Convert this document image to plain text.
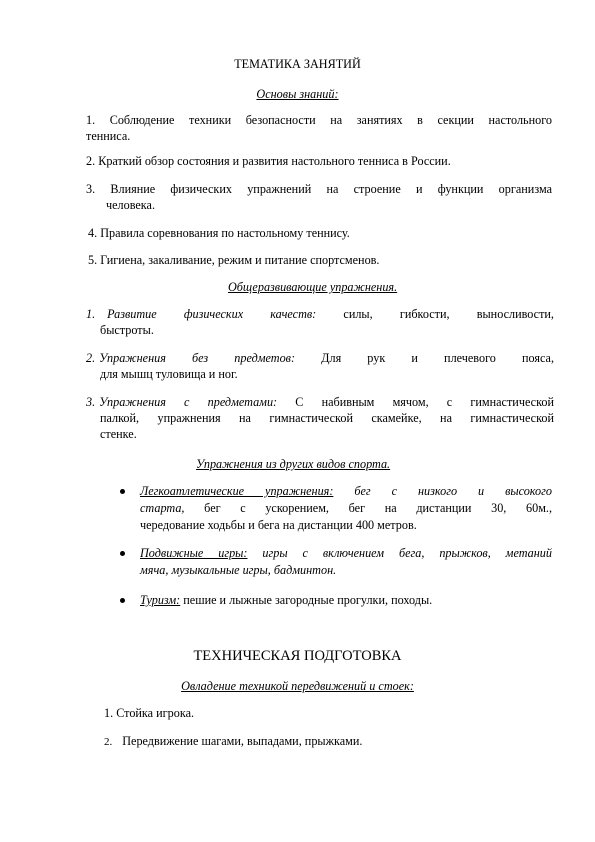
ТЕМАТИКА ЗАНЯТИЙ
Основы знаний:
1. Соблюдение техники безопасности на занятиях в секции настольного
тенниса.
2. Краткий обзор состояния и развития настольного тенниса в России.
3. Влияние физических упражнений на строение и функции организма
человека.
4. Правила соревнования по настольному теннису.
5. Гигиена, закаливание, режим и питание спортсменов.
Общеразвивающие упражнения.
1. Развитие физических качеств: силы, гибкости, выносливости,
быстроты.
2. Упражнения без предметов: Для рук и плечевого пояса,
для мышц туловища и ног.
3. Упражнения с предметами: С набивным мячом, с гимнастической
палкой, упражнения на гимнастической скамейке, на гимнастической
стенке.
Упражнения из других видов спорта.
Легкоатлетические упражнения: бег с низкого и высокого
старта, бег с ускорением, бег на дистанции 30, 60м.,
чередование ходьбы и бега на дистанции 400 метров.
Подвижные игры: игры с включением бега, прыжков, метаний
мяча, музыкальные игры, бадминтон.
Туризм: пешие и лыжные загородные прогулки, походы.
ТЕХНИЧЕСКАЯ ПОДГОТОВКА
Овладение техникой передвижений и стоек:
1. Стойка игрока.
2. Передвижение шагами, выпадами, прыжками.
